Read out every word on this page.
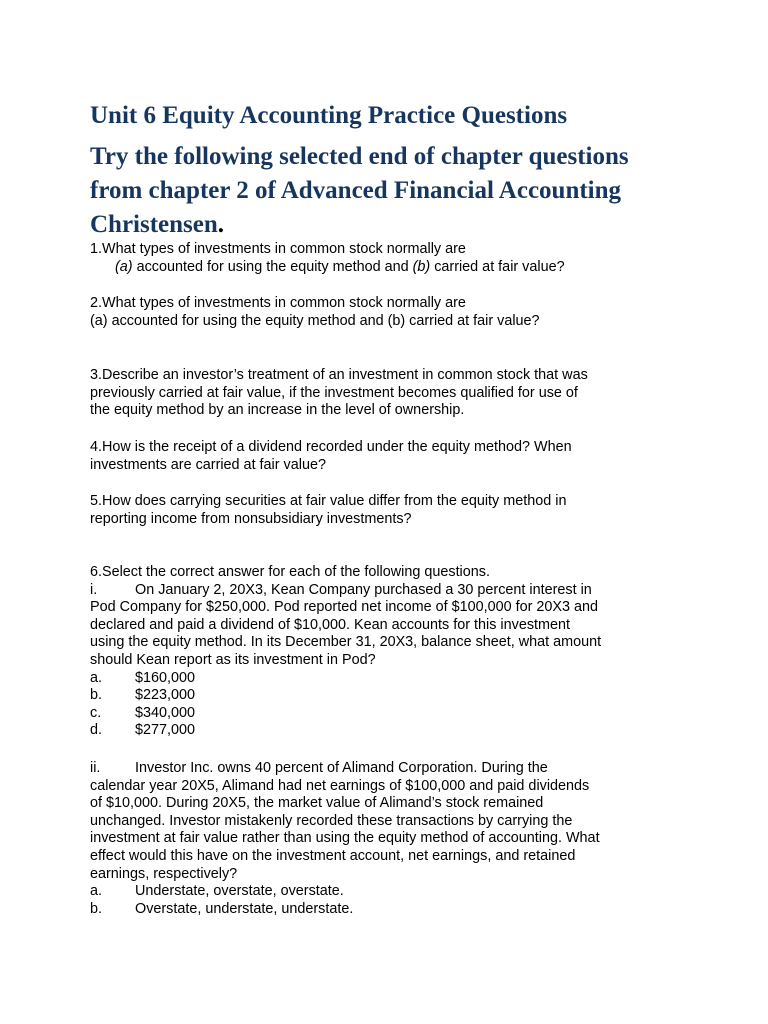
Unit 6 Equity Accounting Practice Questions
Try the following selected end of chapter questions
from chapter 2 of Advanced Financial Accounting
Christensen.

1.What types of investments in common stock normally are
(a) accounted for using the equity method and (b) carried at fair value?

2.What types of investments in common stock normally are
(a) accounted for using the equity method and (b) carried at fair value?

3.Describe an investor’s treatment of an investment in common stock that was
previously carried at fair value, if the investment becomes qualified for use of
the equity method by an increase in the level of ownership.

4.How is the receipt of a dividend recorded under the equity method? When
investments are carried at fair value?

5.How does carrying securities at fair value differ from the equity method in
reporting income from nonsubsidiary investments?

6.Select the correct answer for each of the following questions.
i.	On January 2, 20X3, Kean Company purchased a 30 percent interest in
Pod Company for $250,000. Pod reported net income of $100,000 for 20X3 and
declared and paid a dividend of $10,000. Kean accounts for this investment
using the equity method. In its December 31, 20X3, balance sheet, what amount
should Kean report as its investment in Pod?
a. $160,000
b. $223,000
c. $340,000
d. $277,000

ii. Investor Inc. owns 40 percent of Alimand Corporation. During the
calendar year 20X5, Alimand had net earnings of $100,000 and paid dividends
of $10,000. During 20X5, the market value of Alimand’s stock remained
unchanged. Investor mistakenly recorded these transactions by carrying the
investment at fair value rather than using the equity method of accounting. What
effect would this have on the investment account, net earnings, and retained
earnings, respectively?
a. Understate, overstate, overstate.
b. Overstate, understate, understate.
